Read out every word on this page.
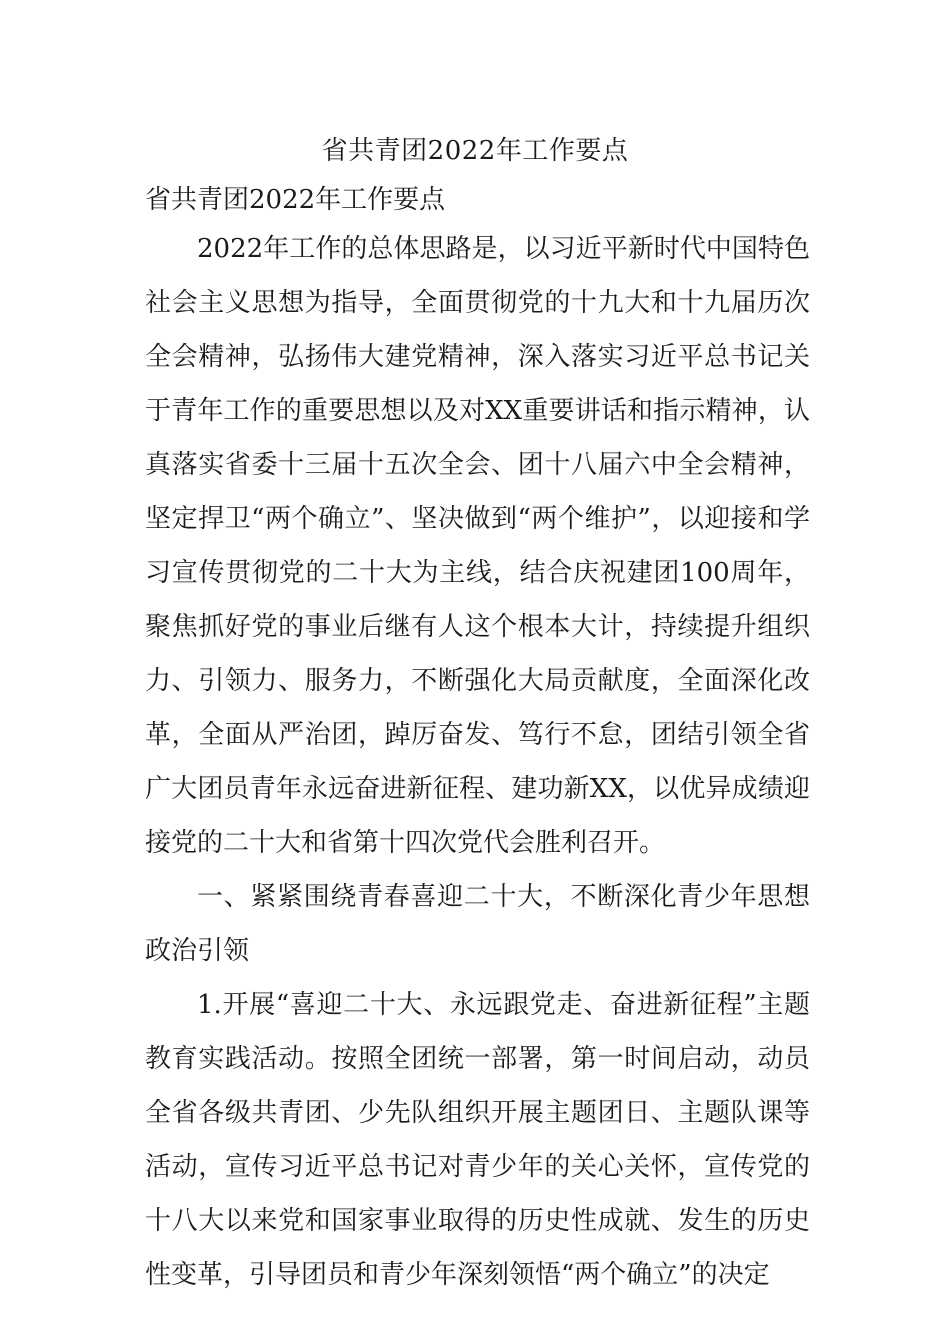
省共青团2022年工作要点

省共青团2022年工作要点

2022年工作的总体思路是，以习近平新时代中国特色社会主义思想为指导，全面贯彻党的十九大和十九届历次全会精神，弘扬伟大建党精神，深入落实习近平总书记关于青年工作的重要思想以及对XX重要讲话和指示精神，认真落实省委十三届十五次全会、团十八届六中全会精神，坚定捍卫“两个确立”、坚决做到“两个维护”，以迎接和学习宣传贯彻党的二十大为主线，结合庆祝建团100周年，聚焦抓好党的事业后继有人这个根本大计，持续提升组织力、引领力、服务力，不断强化大局贡献度，全面深化改革，全面从严治团，踔厉奋发、笃行不怠，团结引领全省广大团员青年永远奋进新征程、建功新XX，以优异成绩迎接党的二十大和省第十四次党代会胜利召开。

一、紧紧围绕青春喜迎二十大，不断深化青少年思想政治引领

1.开展“喜迎二十大、永远跟党走、奋进新征程”主题教育实践活动。按照全团统一部署，第一时间启动，动员全省各级共青团、少先队组织开展主题团日、主题队课等活动，宣传习近平总书记对青少年的关心关怀，宣传党的十八大以来党和国家事业取得的历史性成就、发生的历史性变革，引导团员和青少年深刻领悟“两个确立”的决定
